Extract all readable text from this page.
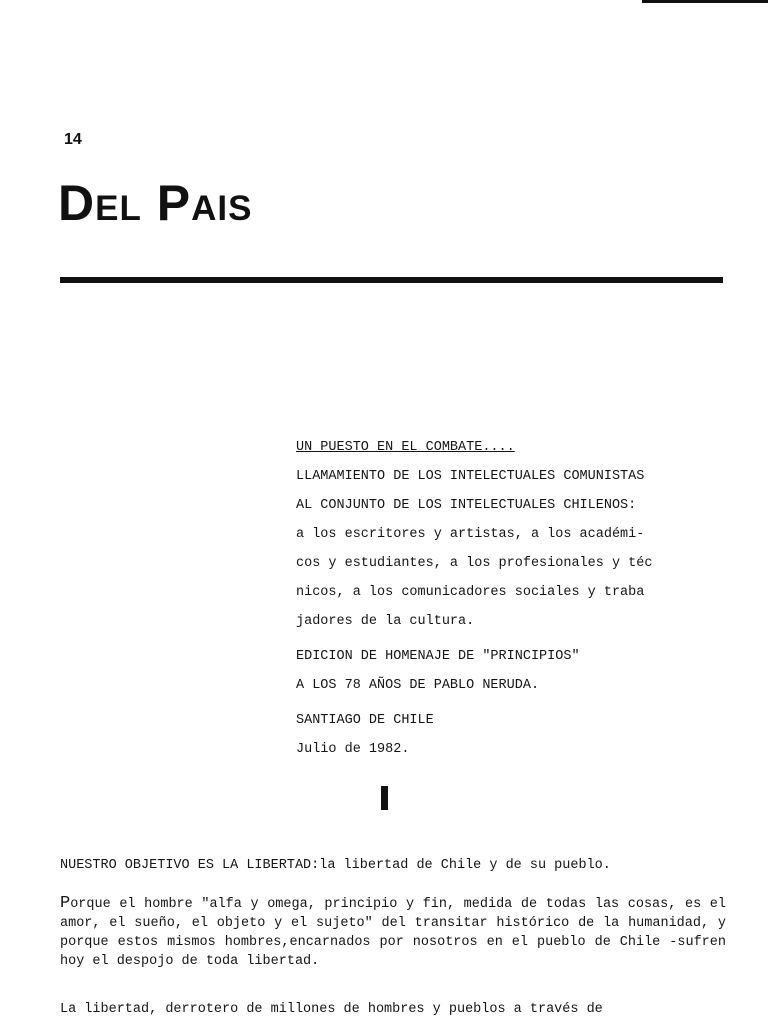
14
Del Pais
UN PUESTO EN EL COMBATE....
LLAMAMIENTO DE LOS INTELECTUALES COMUNISTAS
AL CONJUNTO DE LOS INTELECTUALES CHILENOS:
a los escritores y artistas, a los académi-
cos y estudiantes, a los profesionales y téc
nicos, a los comunicadores sociales y traba
jadores de la cultura.
EDICION DE HOMENAJE DE "PRINCIPIOS"
A LOS 78 AÑOS DE PABLO NERUDA.
SANTIAGO DE CHILE
Julio de 1982.
NUESTRO OBJETIVO ES LA LIBERTAD:la libertad de Chile y de su pueblo.
Porque el hombre "alfa y omega, principio y fin, medida de todas las cosas, es el amor, el sueño, el objeto y el sujeto" del transitar histórico de la humanidad, y porque estos mismos hombres,encarnados por nosotros en el pueblo de Chile -sufren hoy el despojo de toda libertad.
La libertad, derrotero de millones de hombres y pueblos a través de
